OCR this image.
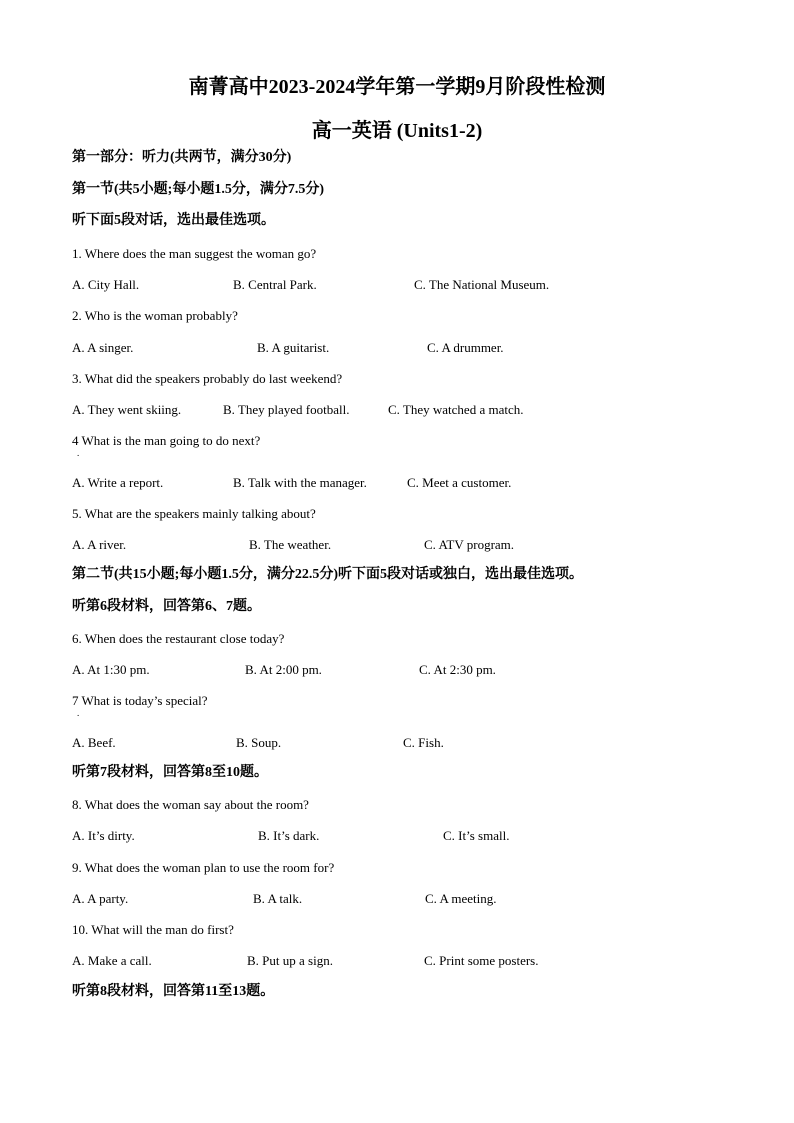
南菁高中2023-2024学年第一学期9月阶段性检测
高一英语 (Units1-2)
第一部分：听力(共两节，满分30分)
第一节(共5小题;每小题1.5分，满分7.5分)
听下面5段对话，选出最佳选项。
1. Where does the man suggest the woman go?
A. City Hall.	B. Central Park.	C. The National Museum.
2. Who is the woman probably?
A. A singer.	B. A guitarist.	C. A drummer.
3. What did the speakers probably do last weekend?
A. They went skiing.	B. They played football.	C. They watched a match.
4 What is the man going to do next?
.
A. Write a report.	B. Talk with the manager.	C. Meet a customer.
5. What are the speakers mainly talking about?
A. A river.	B. The weather.	C. ATV program.
第二节(共15小题;每小题1.5分，满分22.5分)听下面5段对话或独白，选出最佳选项。
听第6段材料，回答第6、7题。
6. When does the restaurant close today?
A. At 1:30 pm.	B. At 2:00 pm.	C. At 2:30 pm.
7 What is today’s special?
.
A. Beef.	B. Soup.	C. Fish.
听第7段材料，回答第8至10题。
8. What does the woman say about the room?
A. It’s dirty.	B. It’s dark.	C. It’s small.
9. What does the woman plan to use the room for?
A. A party.	B. A talk.	C. A meeting.
10. What will the man do first?
A. Make a call.	B. Put up a sign.	C. Print some posters.
听第8段材料，回答第11至13题。
